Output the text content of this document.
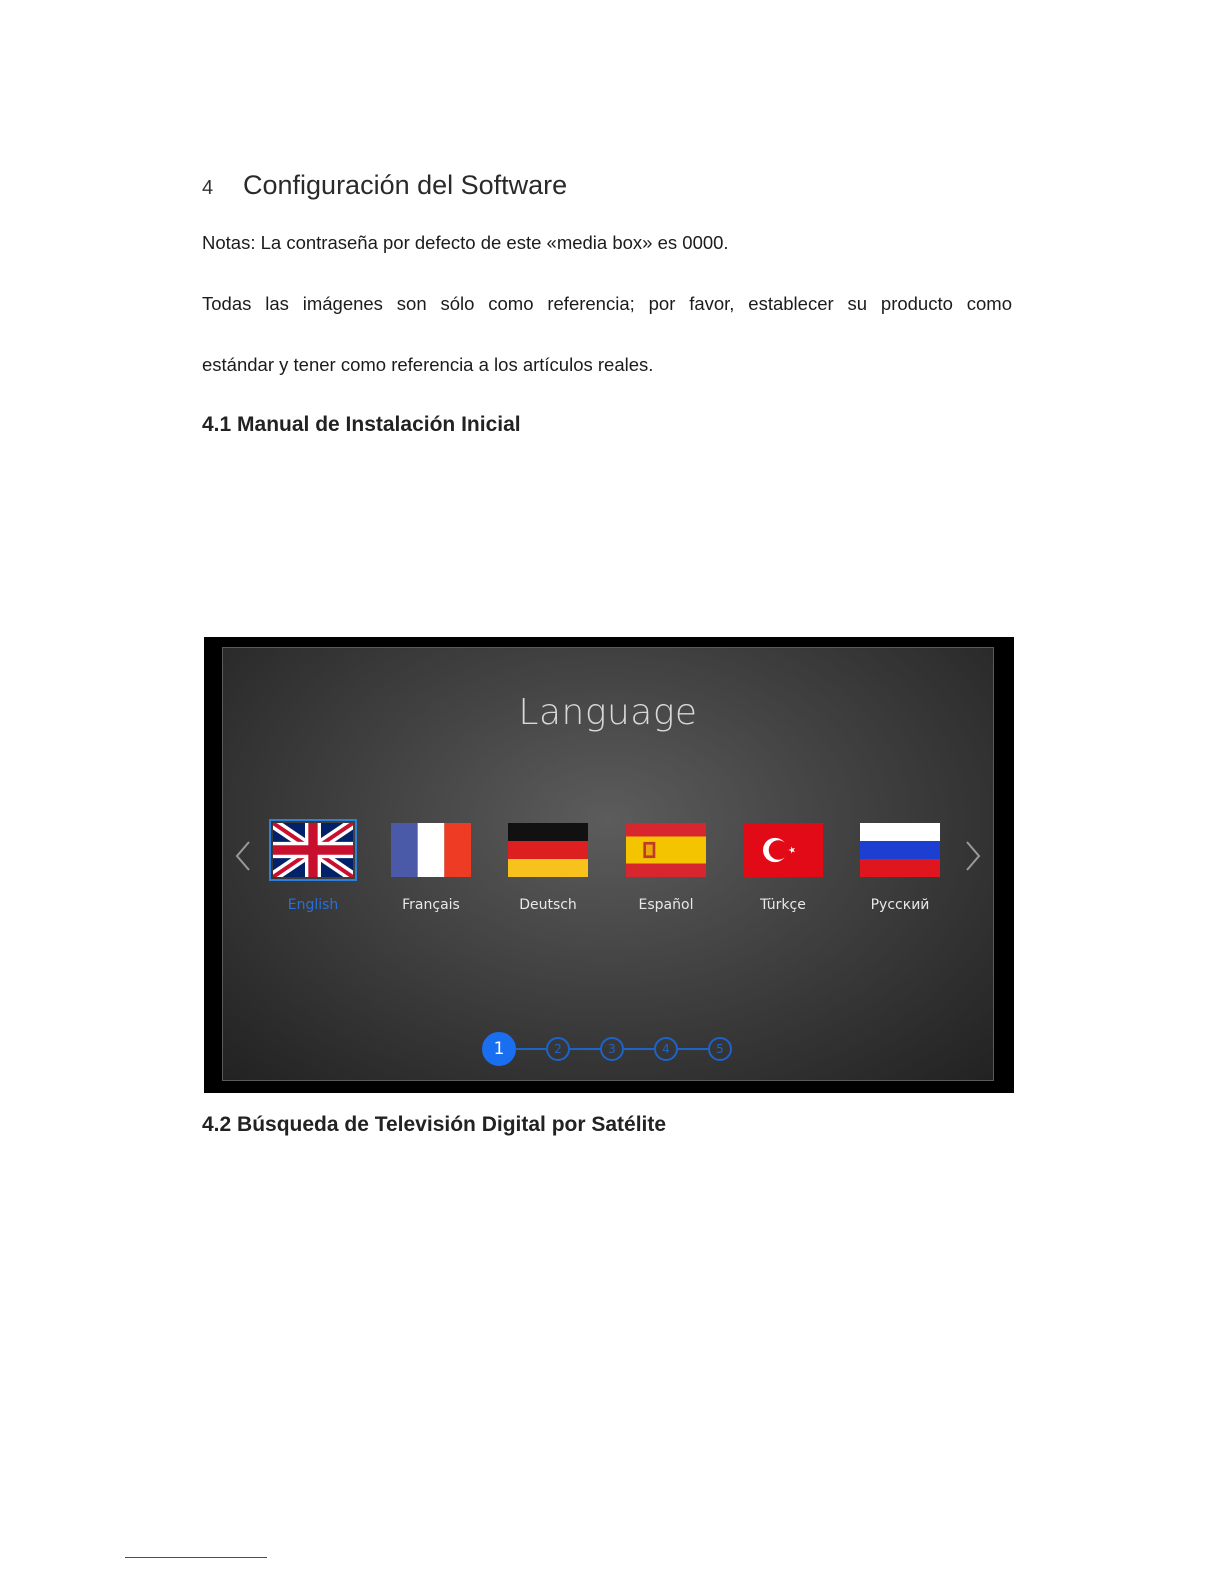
4	Configuración del Software
Notas: La contraseña por defecto de este «media box» es 0000.
Todas las imágenes son sólo como referencia; por favor, establecer su producto como
estándar y tener como referencia a los artículos reales.
4.1 Manual de Instalación Inicial
Language
English	Français	Deutsch	Español	Türkçe	Русский
1	2	3	4	5
4.2 Búsqueda de Televisión Digital por Satélite
